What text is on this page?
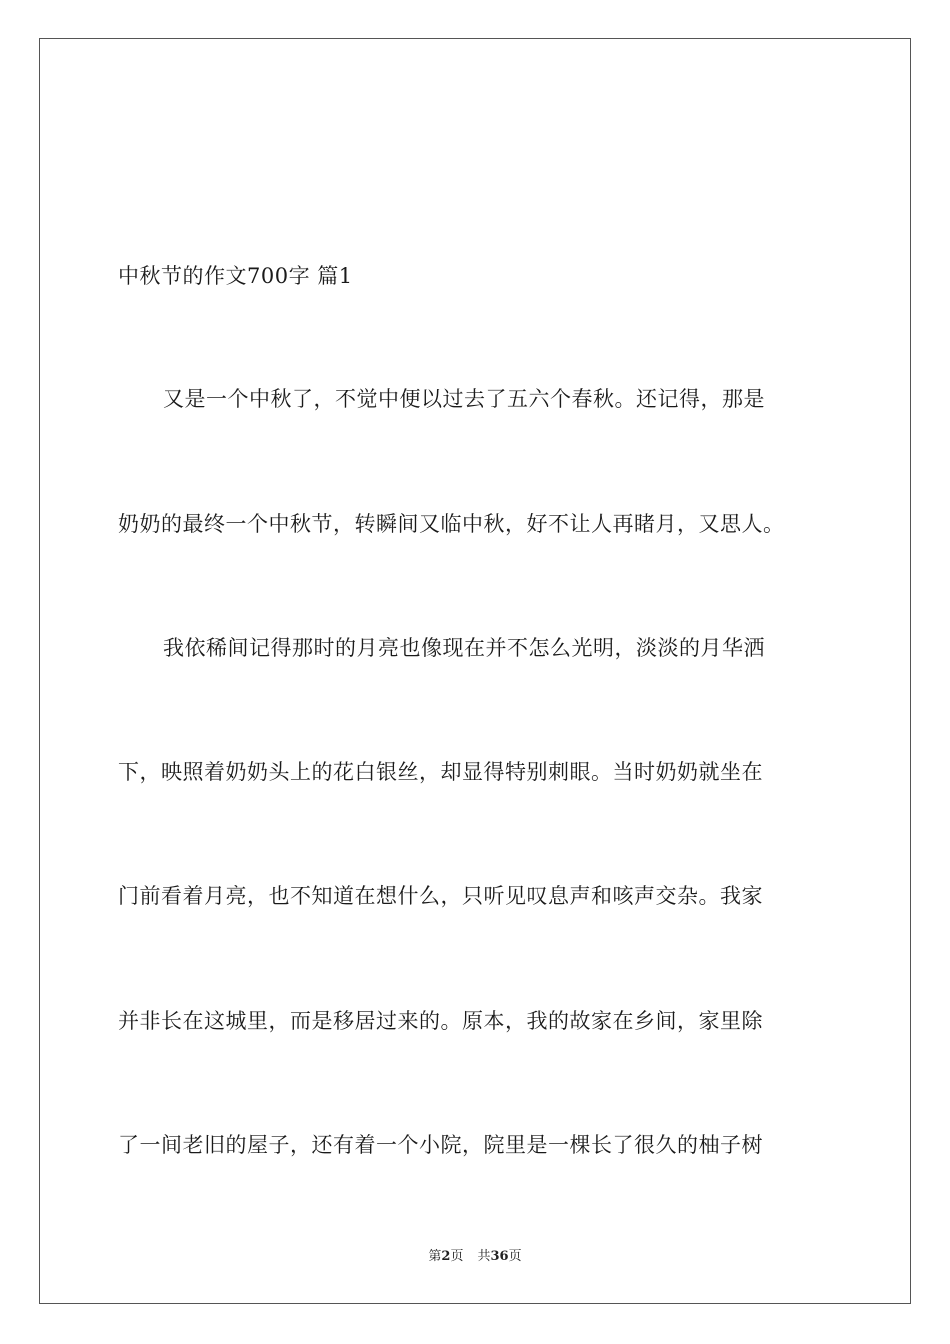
中秋节的作文700字 篇1
又是一个中秋了，不觉中便以过去了五六个春秋。还记得，那是
奶奶的最终一个中秋节，转瞬间又临中秋，好不让人再睹月，又思人。
我依稀间记得那时的月亮也像现在并不怎么光明，淡淡的月华洒
下，映照着奶奶头上的花白银丝，却显得特别刺眼。当时奶奶就坐在
门前看着月亮，也不知道在想什么，只听见叹息声和咳声交杂。我家
并非长在这城里，而是移居过来的。原本，我的故家在乡间，家里除
了一间老旧的屋子，还有着一个小院，院里是一棵长了很久的柚子树
第2页 共36页
